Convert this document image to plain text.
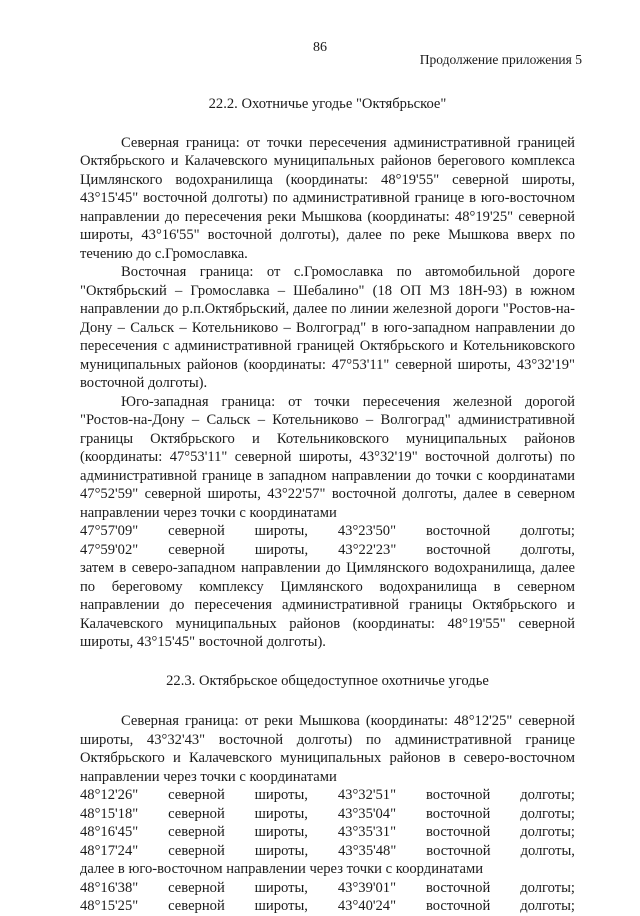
86
Продолжение приложения 5
22.2. Охотничье угодье "Октябрьское"

Северная граница: от точки пересечения административной границей Октябрьского и Калачевского муниципальных районов берегового комплекса Цимлянского водохранилища (координаты: 48°19'55" северной широты, 43°15'45" восточной долготы) по административной границе в юго-восточном направлении до пересечения реки Мышкова (координаты: 48°19'25" северной широты, 43°16'55" восточной долготы), далее по реке Мышкова вверх по течению до с.Громославка.

Восточная граница: от с.Громославка по автомобильной дороге "Октябрьский – Громославка – Шебалино" (18 ОП МЗ 18Н-93) в южном направлении до р.п.Октябрьский, далее по линии железной дороги "Ростов-на-Дону – Сальск – Котельниково – Волгоград" в юго-западном направлении до пересечения с административной границей Октябрьского и Котельниковского муниципальных районов (координаты: 47°53'11" северной широты, 43°32'19" восточной долготы).

Юго-западная граница: от точки пересечения железной дорогой "Ростов-на-Дону – Сальск – Котельниково – Волгоград" административной границы Октябрьского и Котельниковского муниципальных районов (координаты: 47°53'11" северной широты, 43°32'19" восточной долготы) по административной границе в западном направлении до точки с координатами 47°52'59" северной широты, 43°22'57" восточной долготы, далее в северном направлении через точки с координатами

47°57'09" северной широты, 43°23'50" восточной долготы;
47°59'02" северной широты, 43°22'23" восточной долготы,

затем в северо-западном направлении до Цимлянского водохранилища, далее по береговому комплексу Цимлянского водохранилища в северном направлении до пересечения административной границы Октябрьского и Калачевского муниципальных районов (координаты: 48°19'55" северной широты, 43°15'45" восточной долготы).

22.3. Октябрьское общедоступное охотничье угодье

Северная граница: от реки Мышкова (координаты: 48°12'25" северной широты, 43°32'43" восточной долготы) по административной границе Октябрьского и Калачевского муниципальных районов в северо-восточном направлении через точки с координатами

48°12'26" северной широты, 43°32'51" восточной долготы;
48°15'18" северной широты, 43°35'04" восточной долготы;
48°16'45" северной широты, 43°35'31" восточной долготы;
48°17'24" северной широты, 43°35'48" восточной долготы,

далее в юго-восточном направлении через точки с координатами

48°16'38" северной широты, 43°39'01" восточной долготы;
48°15'25" северной широты, 43°40'24" восточной долготы;
